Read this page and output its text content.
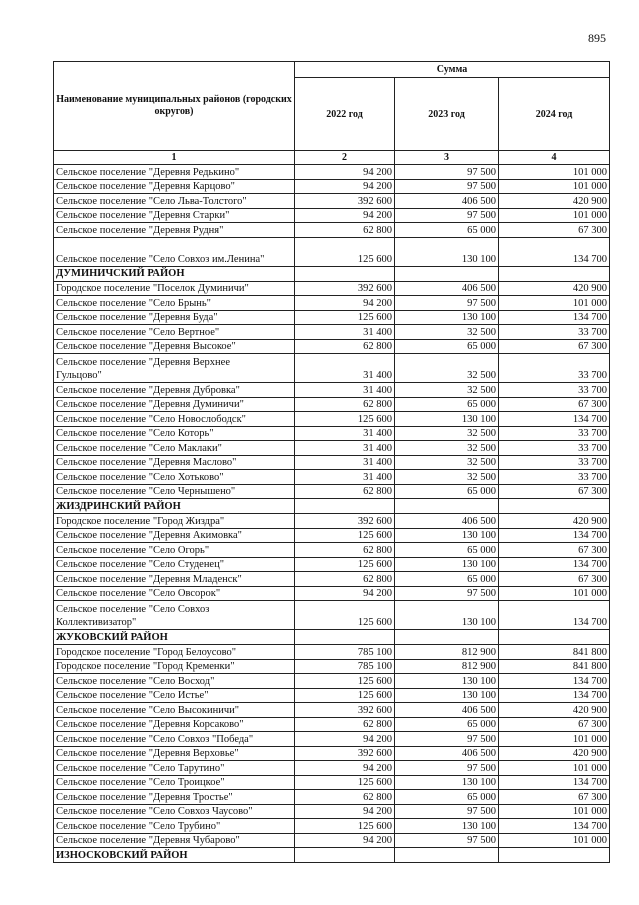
895
Наименование муниципальных районов (городских округов)	Сумма		
	2022 год	2023 год	2024 год
1	2	3	4
Сельское поселение "Деревня Редькино"	94 200	97 500	101 000
Сельское поселение "Деревня Карцово"	94 200	97 500	101 000
Сельское поселение "Село Льва-Толстого"	392 600	406 500	420 900
Сельское поселение "Деревня Старки"	94 200	97 500	101 000
Сельское поселение "Деревня Рудня"	62 800	65 000	67 300
Сельское поселение "Село Совхоз им.Ленина"	125 600	130 100	134 700
ДУМИНИЧСКИЙ РАЙОН			
Городское поселение "Поселок Думиничи"	392 600	406 500	420 900
Сельское поселение "Село Брынь"	94 200	97 500	101 000
Сельское поселение "Деревня Буда"	125 600	130 100	134 700
Сельское поселение "Село Вертное"	31 400	32 500	33 700
Сельское поселение "Деревня Высокое"	62 800	65 000	67 300

Сельское поселение "Деревня Верхнее
Гульцово"	31 400	32 500	33 700
Сельское поселение "Деревня Дубровка"	31 400	32 500	33 700
Сельское поселение "Деревня Думиничи"	62 800	65 000	67 300
Сельское поселение "Село Новослободск"	125 600	130 100	134 700
Сельское поселение "Село Которь"	31 400	32 500	33 700
Сельское поселение "Село Маклаки"	31 400	32 500	33 700
Сельское поселение "Деревня Маслово"	31 400	32 500	33 700
Сельское поселение "Село Хотьково"	31 400	32 500	33 700
Сельское поселение "Село Чернышено"	62 800	65 000	67 300
ЖИЗДРИНСКИЙ РАЙОН			
Городское поселение "Город Жиздра"	392 600	406 500	420 900
Сельское поселение "Деревня Акимовка"	125 600	130 100	134 700
Сельское поселение "Село Огорь"	62 800	65 000	67 300
Сельское поселение "Село Студенец"	125 600	130 100	134 700
Сельское поселение "Деревня Младенск"	62 800	65 000	67 300
Сельское поселение "Село Овсорок"	94 200	97 500	101 000

Сельское поселение "Село Совхоз
Коллективизатор"	125 600	130 100	134 700
ЖУКОВСКИЙ РАЙОН			
Городское поселение "Город Белоусово"	785 100	812 900	841 800
Городское поселение "Город Кременки"	785 100	812 900	841 800
Сельское поселение "Село Восход"	125 600	130 100	134 700
Сельское поселение "Село Истье"	125 600	130 100	134 700
Сельское поселение "Село Высокиничи"	392 600	406 500	420 900
Сельское поселение "Деревня Корсаково"	62 800	65 000	67 300
Сельское поселение "Село Совхоз "Победа"	94 200	97 500	101 000
Сельское поселение "Деревня Верховье"	392 600	406 500	420 900
Сельское поселение "Село Тарутино"	94 200	97 500	101 000
Сельское поселение "Село Троицкое"	125 600	130 100	134 700
Сельское поселение "Деревня Тростье"	62 800	65 000	67 300
Сельское поселение "Село Совхоз Чаусово"	94 200	97 500	101 000
Сельское поселение "Село Трубино"	125 600	130 100	134 700
Сельское поселение "Деревня Чубарово"	94 200	97 500	101 000
ИЗНОСКОВСКИЙ РАЙОН			
